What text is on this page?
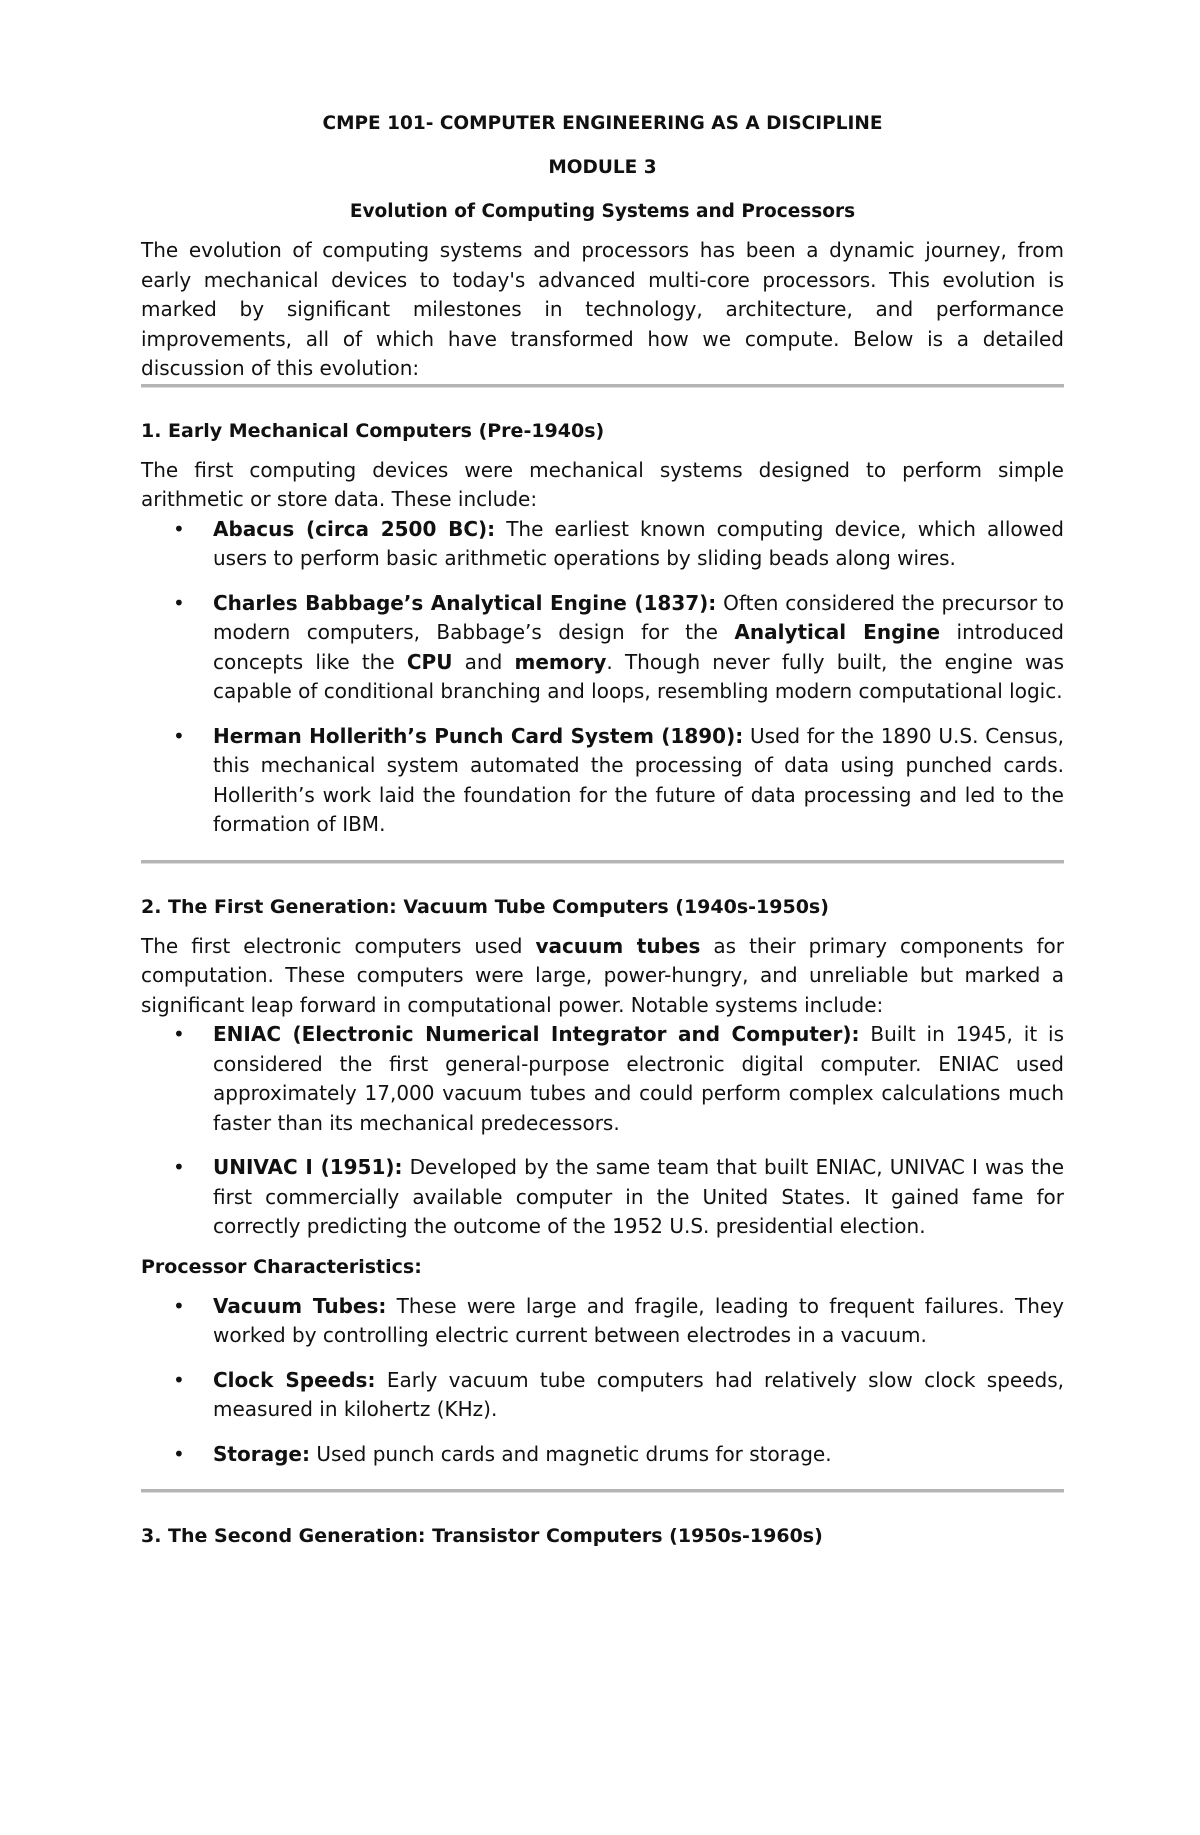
CMPE 101- COMPUTER ENGINEERING AS A DISCIPLINE

MODULE 3

Evolution of Computing Systems and Processors

The evolution of computing systems and processors has been a dynamic journey, from early mechanical devices to today's advanced multi-core processors. This evolution is marked by significant milestones in technology, architecture, and performance improvements, all of which have transformed how we compute. Below is a detailed discussion of this evolution:

1. Early Mechanical Computers (Pre-1940s)

The first computing devices were mechanical systems designed to perform simple arithmetic or store data. These include:

• Abacus (circa 2500 BC): The earliest known computing device, which allowed users to perform basic arithmetic operations by sliding beads along wires.
• Charles Babbage’s Analytical Engine (1837): Often considered the precursor to modern computers, Babbage’s design for the Analytical Engine introduced concepts like the CPU and memory. Though never fully built, the engine was capable of conditional branching and loops, resembling modern computational logic.
• Herman Hollerith’s Punch Card System (1890): Used for the 1890 U.S. Census, this mechanical system automated the processing of data using punched cards. Hollerith’s work laid the foundation for the future of data processing and led to the formation of IBM.
2. The First Generation: Vacuum Tube Computers (1940s-1950s)

The first electronic computers used vacuum tubes as their primary components for computation. These computers were large, power-hungry, and unreliable but marked a significant leap forward in computational power. Notable systems include:

• ENIAC (Electronic Numerical Integrator and Computer): Built in 1945, it is considered the first general-purpose electronic digital computer. ENIAC used approximately 17,000 vacuum tubes and could perform complex calculations much faster than its mechanical predecessors.
• UNIVAC I (1951): Developed by the same team that built ENIAC, UNIVAC I was the first commercially available computer in the United States. It gained fame for correctly predicting the outcome of the 1952 U.S. presidential election.
Processor Characteristics:
• Vacuum Tubes: These were large and fragile, leading to frequent failures. They worked by controlling electric current between electrodes in a vacuum.
• Clock Speeds: Early vacuum tube computers had relatively slow clock speeds, measured in kilohertz (KHz).
• Storage: Used punch cards and magnetic drums for storage.
3. The Second Generation: Transistor Computers (1950s-1960s)
